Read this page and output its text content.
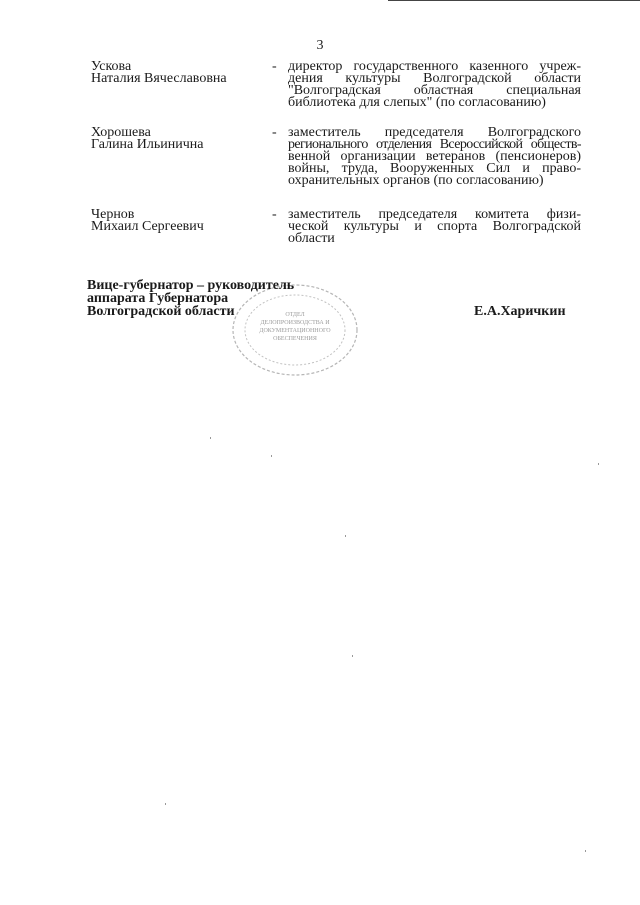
3
Ускова
Наталия Вячеславовна
- директор государственного казенного учреж-
дения культуры Волгоградской области
"Волгоградская областная специальная
библиотека для слепых" (по согласованию)
Хорошева
Галина Ильинична
- заместитель председателя Волгоградского
регионального отделения Всероссийской обществ-
венной организации ветеранов (пенсионеров)
войны, труда, Вооруженных Сил и право-
охранительных органов (по согласованию)
Чернов
Михаил Сергеевич
- заместитель председателя комитета физи-
ческой культуры и спорта Волгоградской
области
ОТДЕЛ
ДЕЛОПРОИЗВОДСТВА И
ДОКУМЕНТАЦИОННОГО
ОБЕСПЕЧЕНИЯ
Вице-губернатор – руководитель
аппарата Губернатора
Волгоградской области	Е.А.Харичкин
